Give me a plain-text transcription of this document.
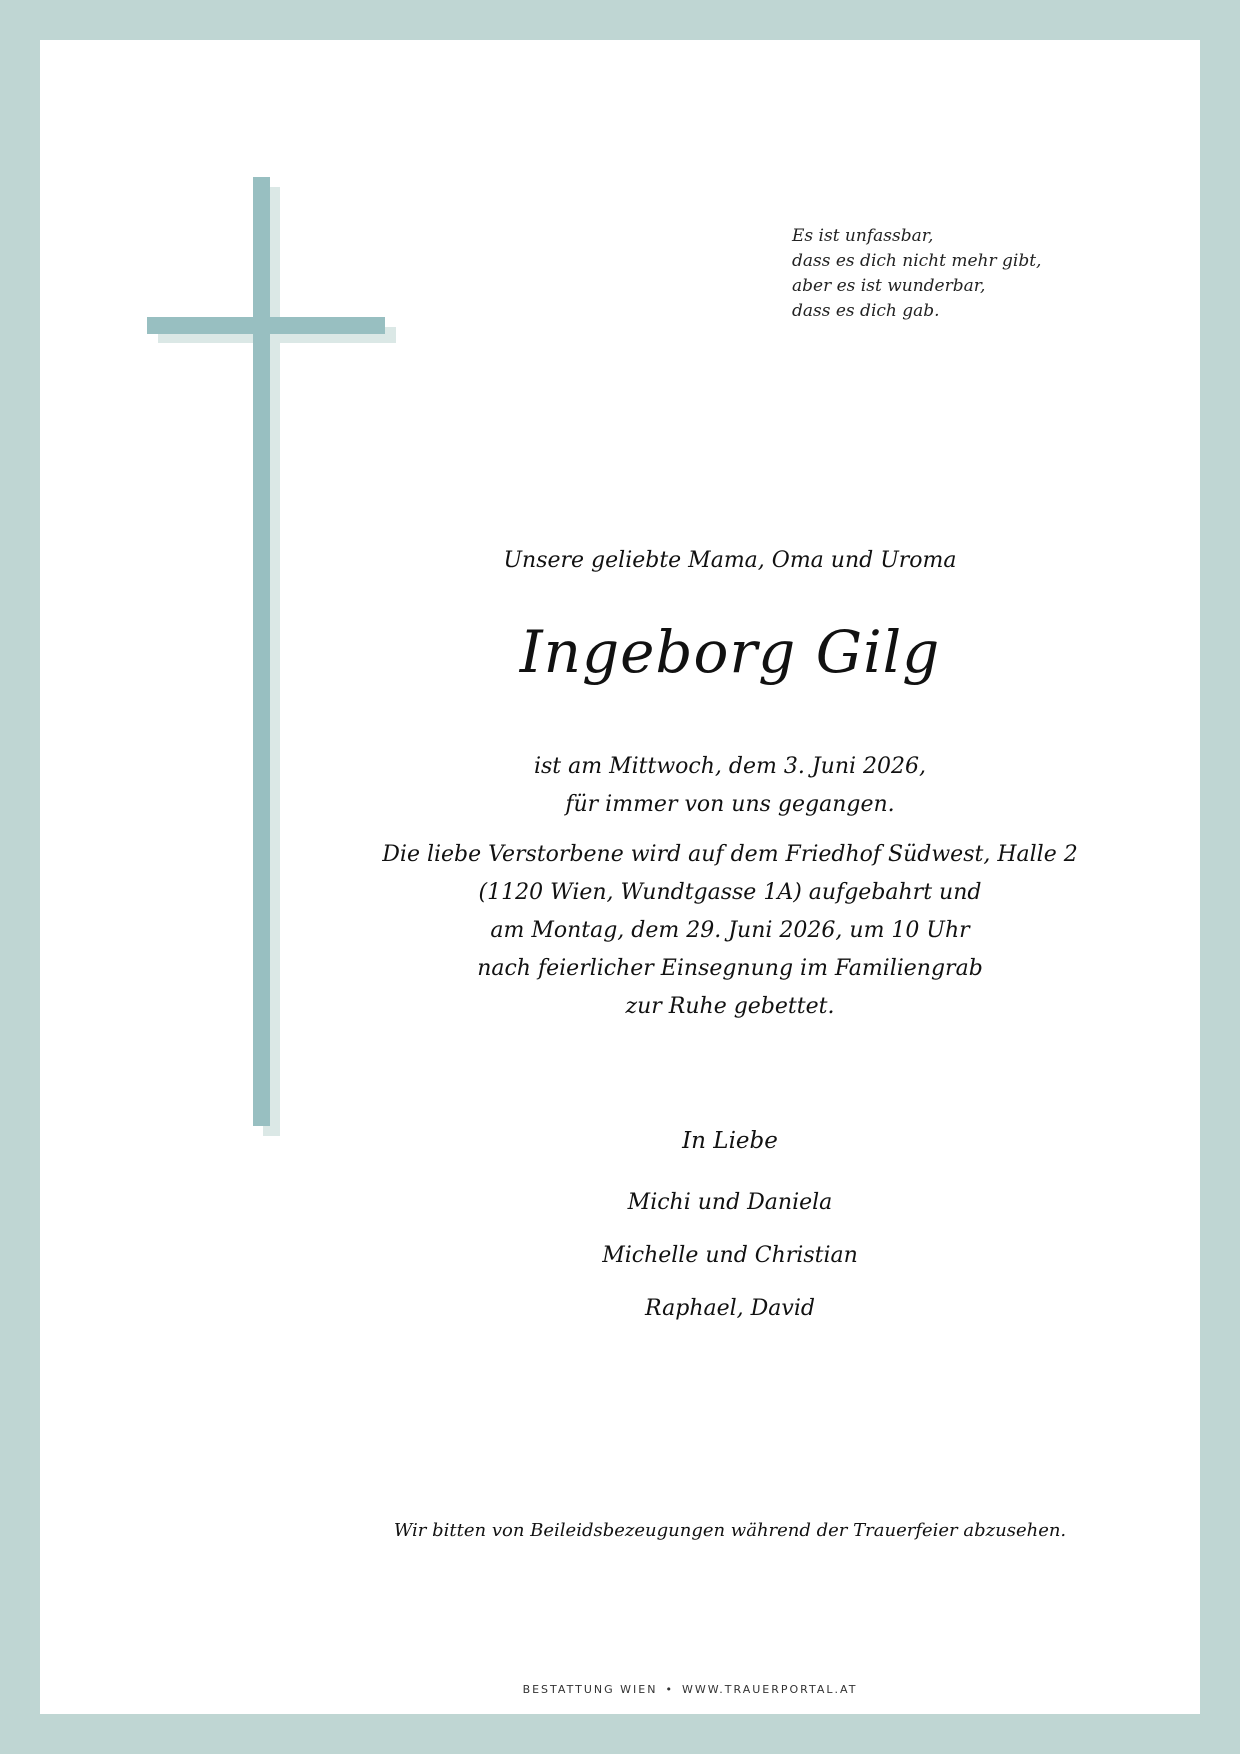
Es ist unfassbar,
dass es dich nicht mehr gibt,
aber es ist wunderbar,
dass es dich gab.
Unsere geliebte Mama, Oma und Uroma
Ingeborg Gilg
ist am Mittwoch, dem 3. Juni 2026,
für immer von uns gegangen.
Die liebe Verstorbene wird auf dem Friedhof Südwest, Halle 2
(1120 Wien, Wundtgasse 1A) aufgebahrt und
am Montag, dem 29. Juni 2026, um 10 Uhr
nach feierlicher Einsegnung im Familiengrab
zur Ruhe gebettet.
In Liebe
Michi und Daniela
Michelle und Christian
Raphael, David
Wir bitten von Beileidsbezeugungen während der Trauerfeier abzusehen.
BESTATTUNG WIEN • WWW.TRAUERPORTAL.AT
